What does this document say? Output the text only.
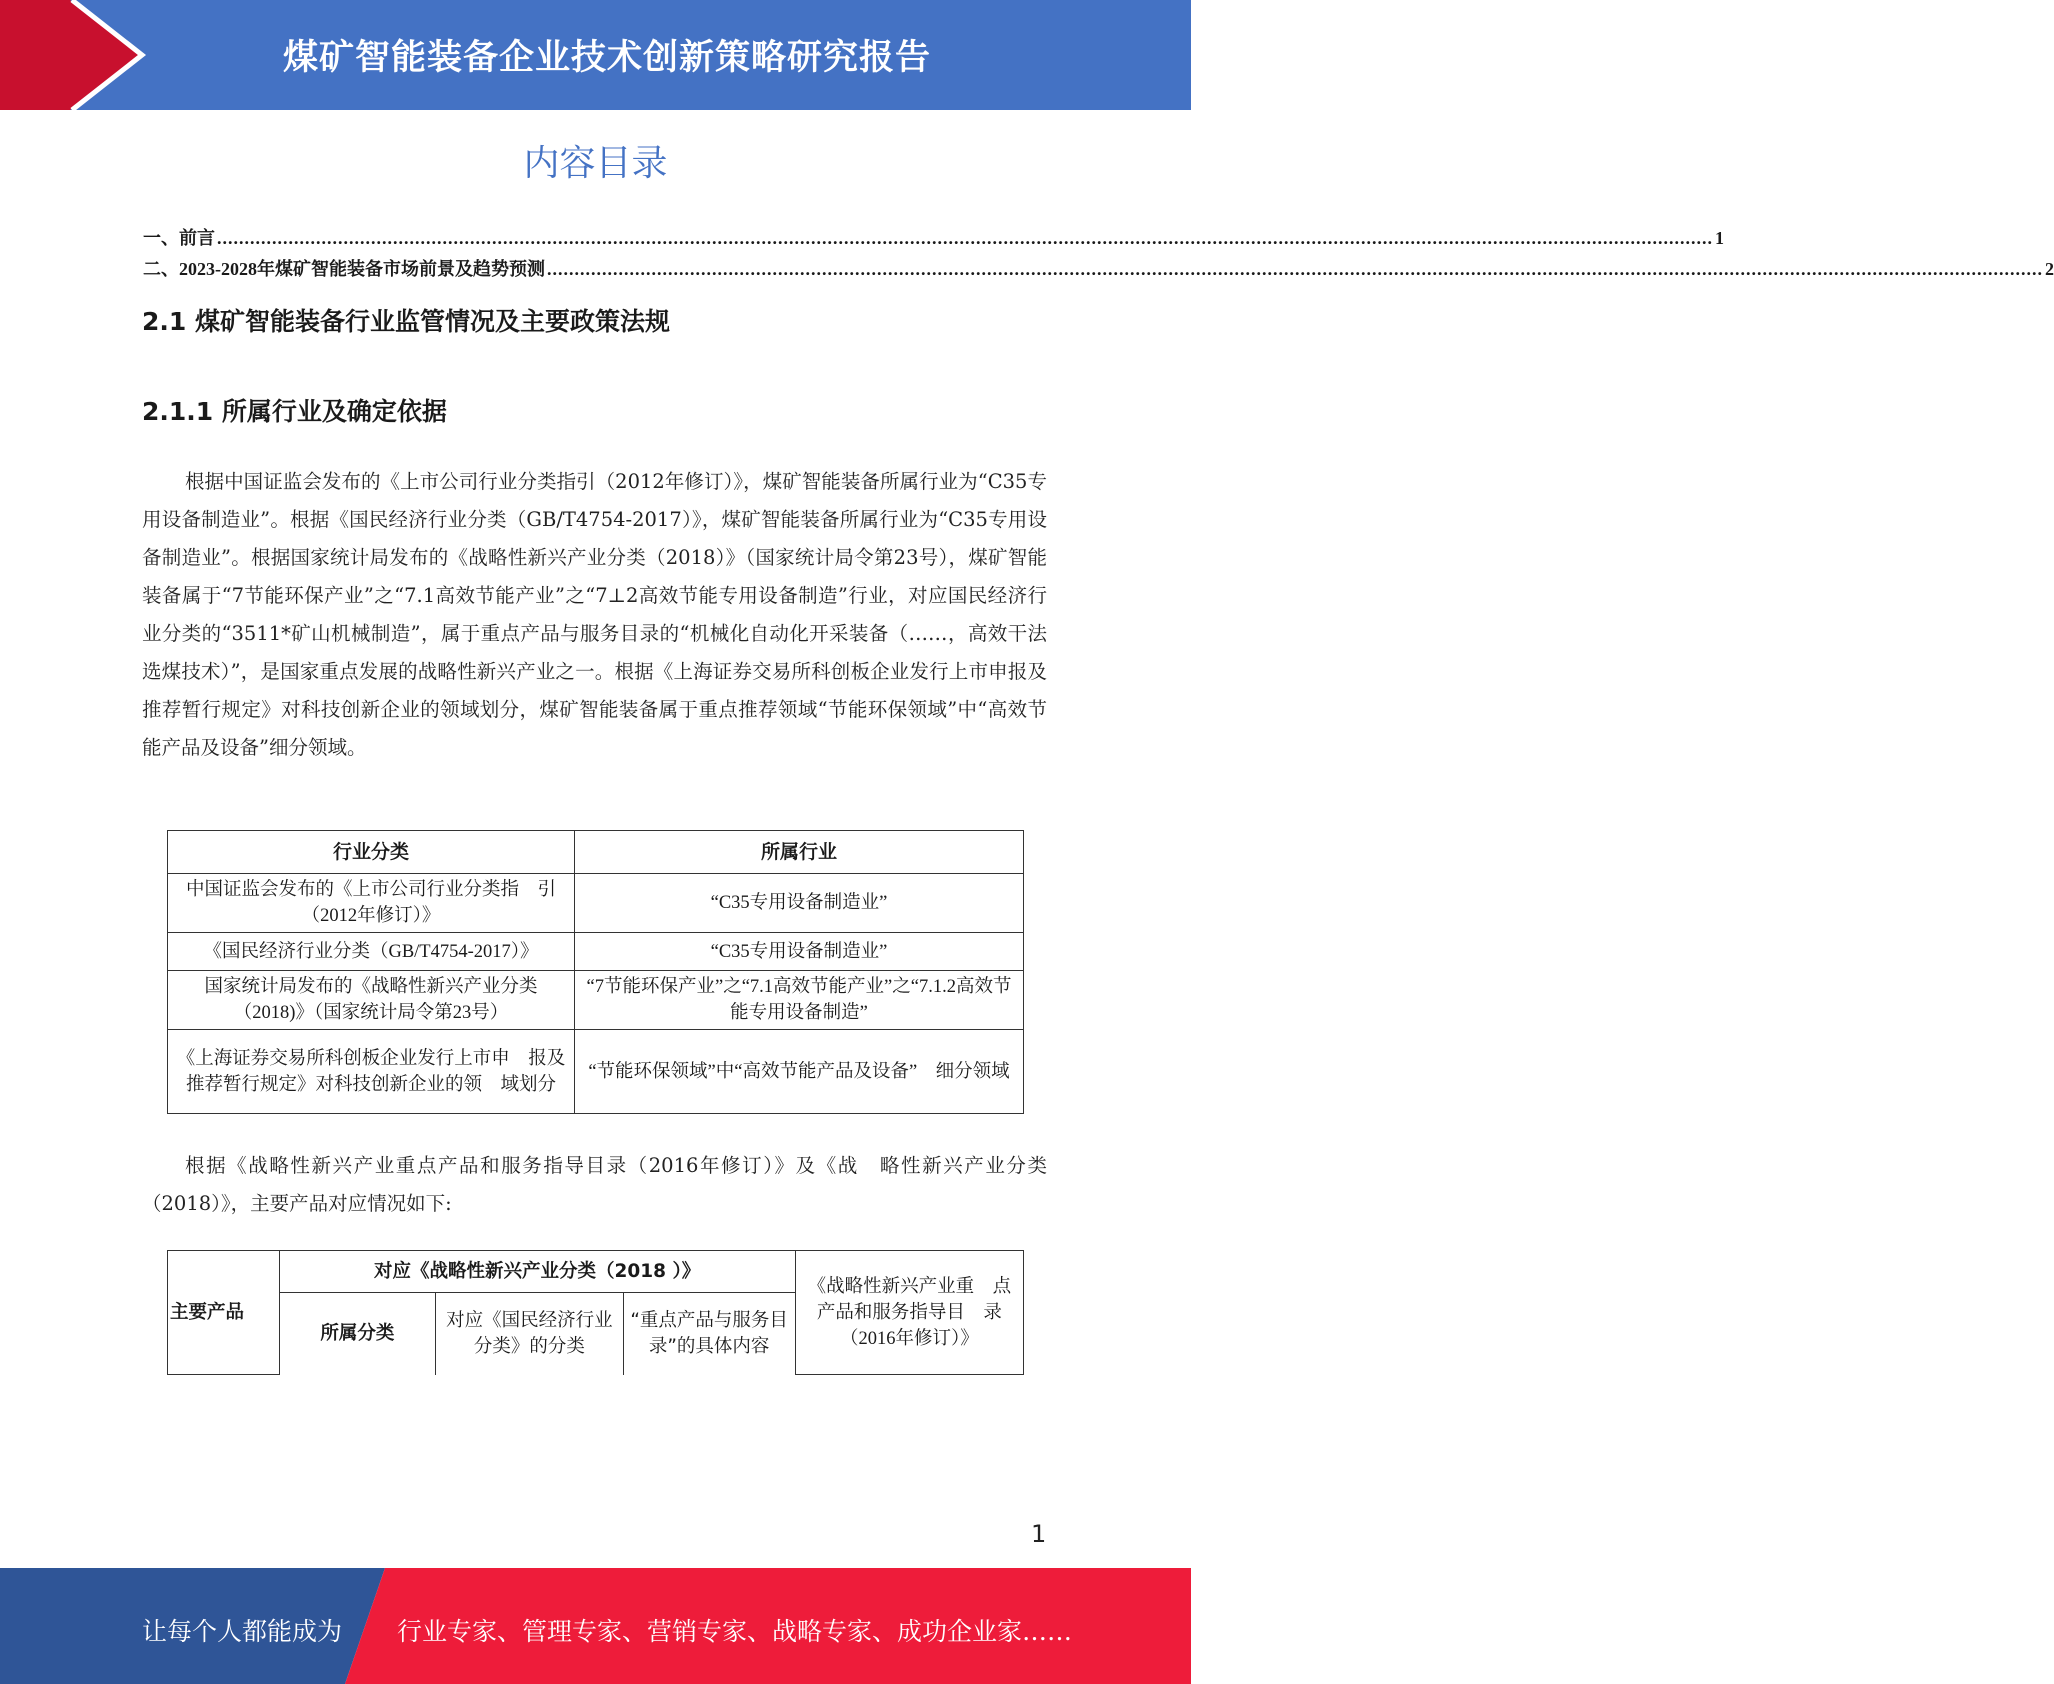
煤矿智能装备企业技术创新策略研究报告
内容目录
一、前言 ................................................................................................................................................................................................................................................................................ 1
二、2023-2028年煤矿智能装备市场前景及趋势预测 ................................................................................................................................................................................................................................................................................ 2
2.1 煤矿智能装备行业监管情况及主要政策法规
2.1.1 所属行业及确定依据
根据中国证监会发布的《上市公司行业分类指引（2012年修订）》，煤矿智能装备所属行业为“C35专用设备制造业”。根据《国民经济行业分类（GB/T4754-2017）》，煤矿智能装备所属行业为“C35专用设备制造业”。根据国家统计局发布的《战略性新兴产业分类（2018）》（国家统计局令第23号），煤矿智能装备属于“7节能环保产业”之“7.1高效节能产业”之“7⊥2高效节能专用设备制造”行业，对应国民经济行业分类的“3511*矿山机械制造”，属于重点产品与服务目录的“机械化自动化开采装备（……，高效干法选煤技术）”，是国家重点发展的战略性新兴产业之一。根据《上海证券交易所科创板企业发行上市申报及推荐暂行规定》对科技创新企业的领域划分，煤矿智能装备属于重点推荐领域“节能环保领域”中“高效节能产品及设备”细分领域。
行业分类	所属行业
中国证监会发布的《上市公司行业分类指　引（2012年修订）》	“C35专用设备制造业”
《国民经济行业分类（GB/T4754-2017）》	“C35专用设备制造业”
国家统计局发布的《战略性新兴产业分类（2018)》（国家统计局令第23号）	“7节能环保产业”之“7.1高效节能产业”之“7.1.2高效节能专用设备制造”
《上海证券交易所科创板企业发行上市申　报及推荐暂行规定》对科技创新企业的领　域划分	“节能环保领域”中“高效节能产品及设备”　细分领域
根据《战略性新兴产业重点产品和服务指导目录（2016年修订）》及《战　略性新兴产业分类（2018）》，主要产品对应情况如下:
主要产品	对应《战略性新兴产业分类（2018 ）》			《战略性新兴产业重　点产品和服务指导目　录（2016年修订）》
	所属分类	对应《国民经济行业分类》的分类	“重点产品与服务目录”的具体内容	
1
让每个人都能成为 行业专家、管理专家、营销专家、战略专家、成功企业家……
